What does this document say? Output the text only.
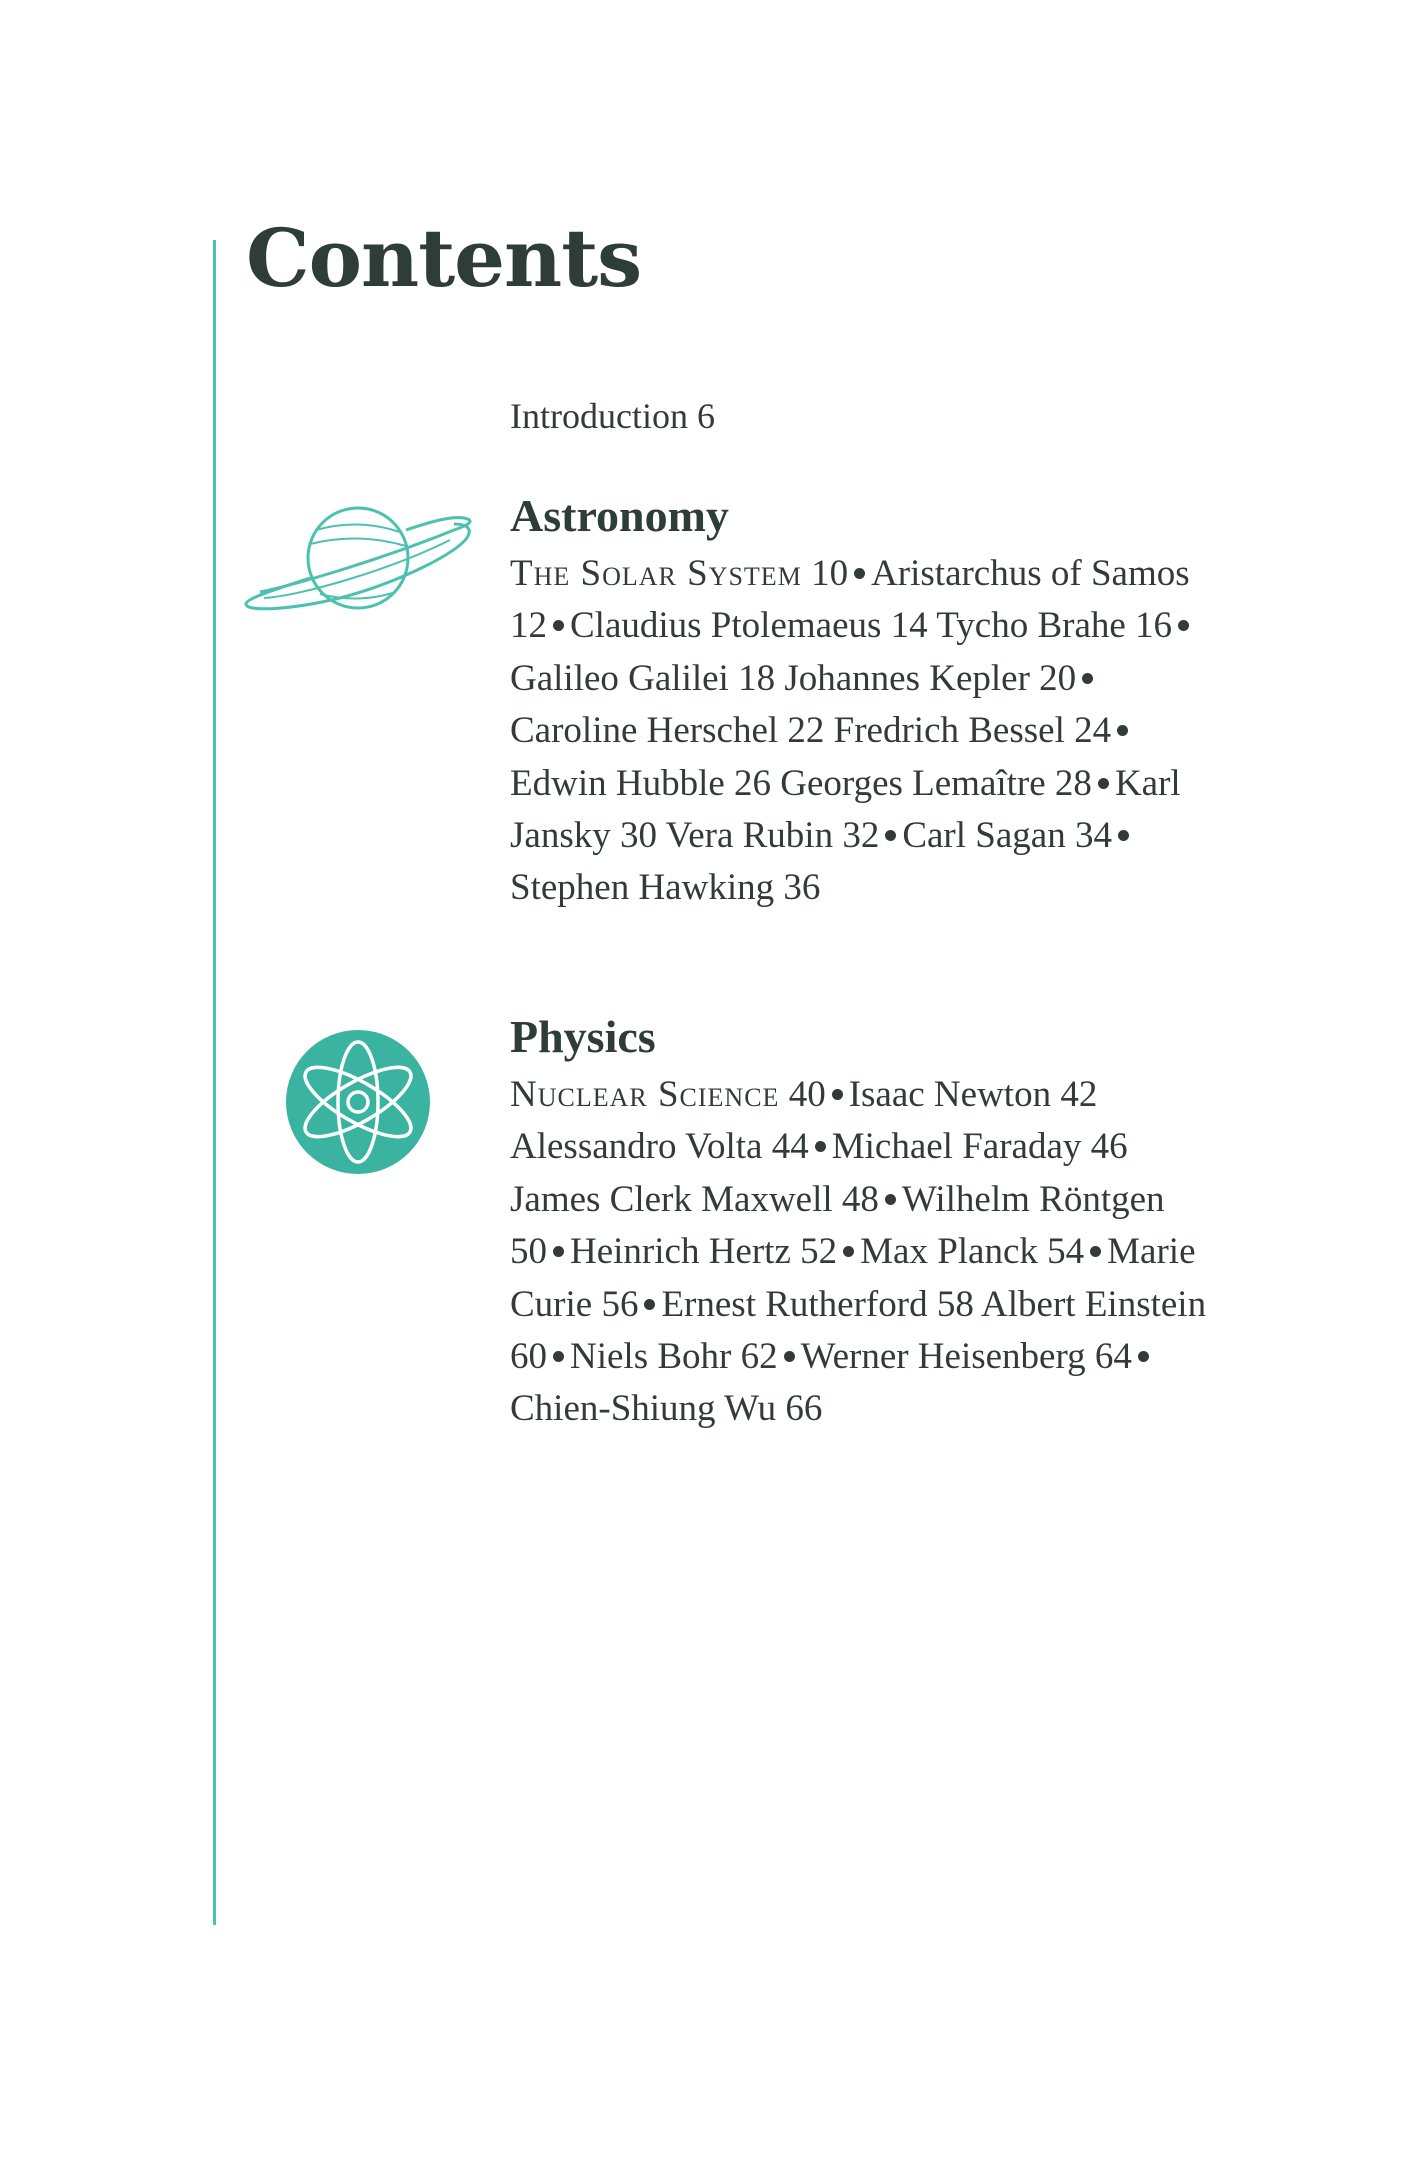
Contents
Introduction 6
Astronomy

The Solar System 10 Aristarchus of Samos 12 Claudius Ptolemaeus 14 Tycho Brahe 16Galileo Galilei 18 Johannes Kepler 20Caroline Herschel 22 Fredrich Bessel 24Edwin Hubble 26 Georges Lemaître 28 Karl Jansky 30 Vera Rubin 32 Carl Sagan 34Stephen Hawking 36

Physics

Nuclear Science 40 Isaac Newton 42 Alessandro Volta 44 Michael Faraday 46 James Clerk Maxwell 48 Wilhelm Röntgen 50 Heinrich Hertz 52 Max Planck 54 Marie Curie 56 Ernest Rutherford 58 Albert Einstein 60 Niels Bohr 62 Werner Heisenberg 64Chien-Shiung Wu 66
